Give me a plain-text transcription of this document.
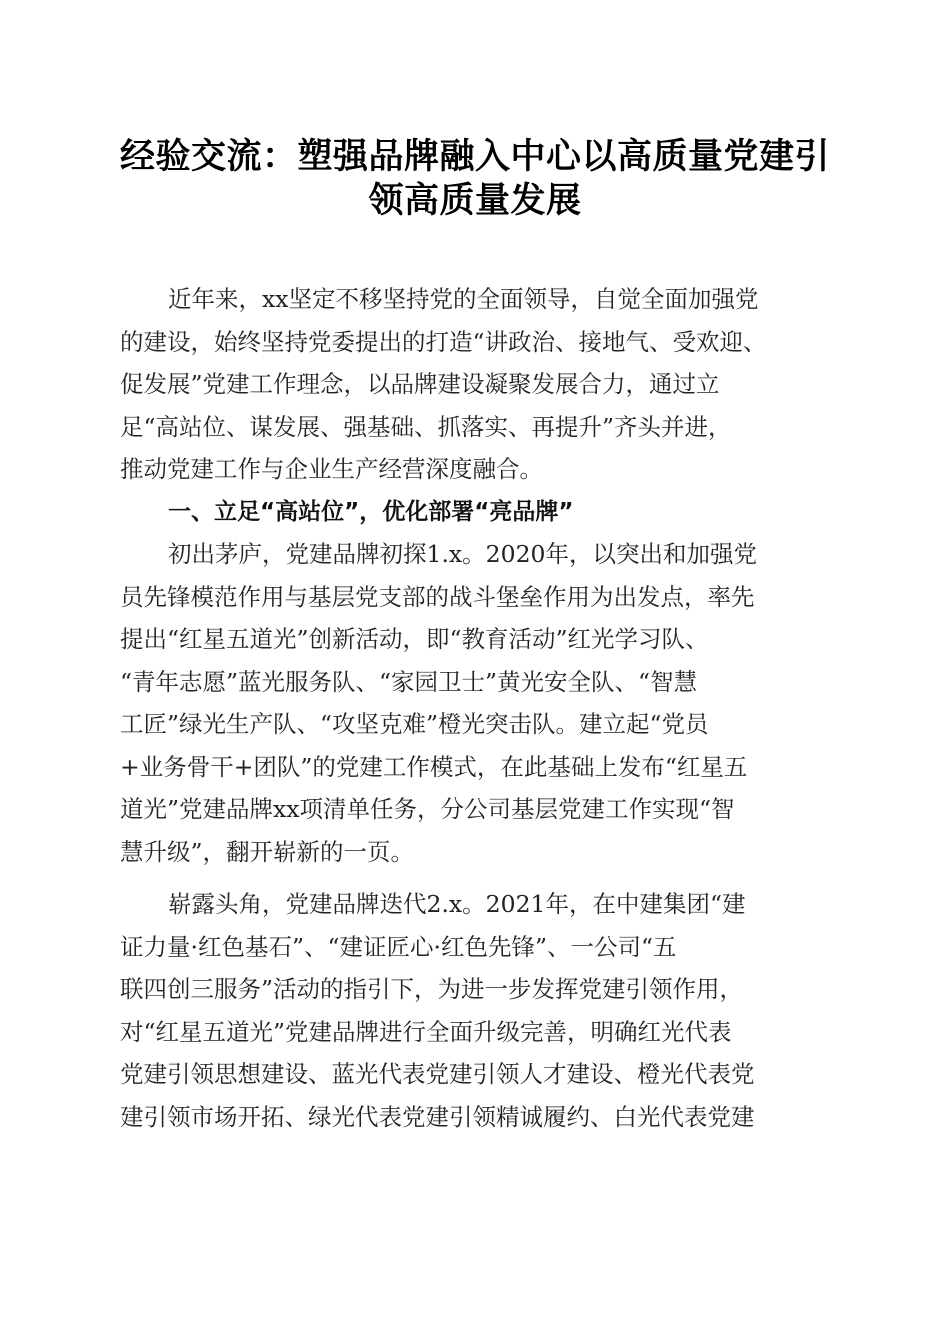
经验交流：塑强品牌融入中心以高质量党建引
领高质量发展

近年来，xx坚定不移坚持党的全面领导，自觉全面加强党
的建设，始终坚持党委提出的打造“讲政治、接地气、受欢迎、
促发展”党建工作理念，以品牌建设凝聚发展合力，通过立
足“高站位、谋发展、强基础、抓落实、再提升”齐头并进，
推动党建工作与企业生产经营深度融合。

一、立足“高站位”，优化部署“亮品牌”

初出茅庐，党建品牌初探1.x。2020年，以突出和加强党
员先锋模范作用与基层党支部的战斗堡垒作用为出发点，率先
提出“红星五道光”创新活动，即“教育活动”红光学习队、
“青年志愿”蓝光服务队、“家园卫士”黄光安全队、“智慧
工匠”绿光生产队、“攻坚克难”橙光突击队。建立起“党员
+业务骨干+团队”的党建工作模式，在此基础上发布“红星五
道光”党建品牌xx项清单任务，分公司基层党建工作实现“智
慧升级”，翻开崭新的一页。

崭露头角，党建品牌迭代2.x。2021年，在中建集团“建
证力量·红色基石”、“建证匠心·红色先锋”、一公司“五
联四创三服务”活动的指引下，为进一步发挥党建引领作用，
对“红星五道光”党建品牌进行全面升级完善，明确红光代表
党建引领思想建设、蓝光代表党建引领人才建设、橙光代表党
建引领市场开拓、绿光代表党建引领精诚履约、白光代表党建
